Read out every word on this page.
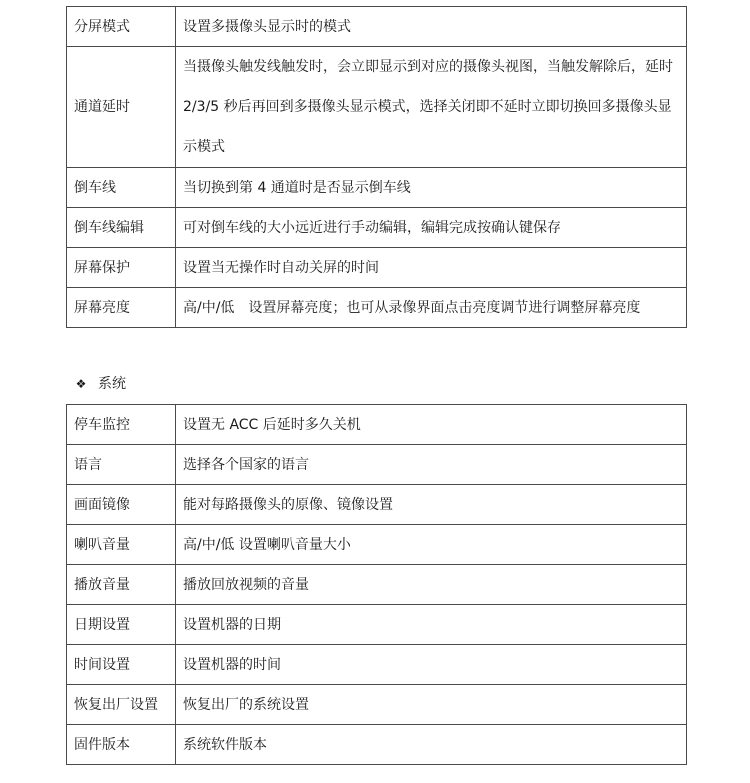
分屏模式	设置多摄像头显示时的模式
通道延时	当摄像头触发线触发时，会立即显示到对应的摄像头视图，当触发解除后，延时 2/3/5 秒后再回到多摄像头显示模式，选择关闭即不延时立即切换回多摄像头显示模式
倒车线	当切换到第 4 通道时是否显示倒车线
倒车线编辑	可对倒车线的大小远近进行手动编辑，编辑完成按确认键保存
屏幕保护	设置当无操作时自动关屏的时间
屏幕亮度	高/中/低　设置屏幕亮度；也可从录像界面点击亮度调节进行调整屏幕亮度
❖ 系统
停车监控	设置无 ACC 后延时多久关机
语言	选择各个国家的语言
画面镜像	能对每路摄像头的原像、镜像设置
喇叭音量	高/中/低 设置喇叭音量大小
播放音量	播放回放视频的音量
日期设置	设置机器的日期
时间设置	设置机器的时间
恢复出厂设置	恢复出厂的系统设置
固件版本	系统软件版本
